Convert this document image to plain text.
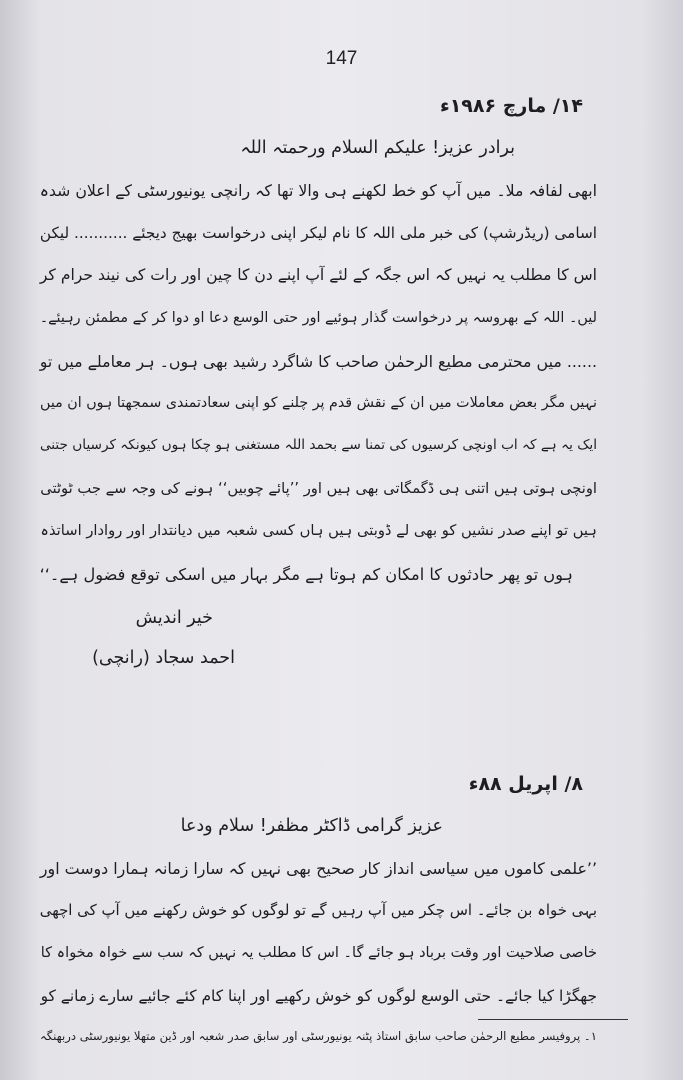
147
۱۴/ مارچ ۱۹۸۶ء
برادر عزیز! علیکم السلام ورحمتہ اللہ
ابھی لفافہ ملا۔ میں آپ کو خط لکھنے ہی والا تھا کہ رانچی یونیورسٹی کے اعلان شدہ
اسامی (ریڈرشپ) کی خبر ملی اللہ کا نام لیکر اپنی درخواست بھیج دیجئے ........... لیکن
اس کا مطلب یہ نہیں کہ اس جگہ کے لئے آپ اپنے دن کا چین اور رات کی نیند حرام کر
لیں۔ اللہ کے بھروسہ پر درخواست گذار ہوئیے اور حتی الوسع دعا او دوا کر کے مطمئن رہیئے۔
...... میں محترمی مطیع الرحمٰن صاحب کا شاگرد رشید بھی ہوں۔ ہر معاملے میں تو
نہیں مگر بعض معاملات میں ان کے نقش قدم پر چلنے کو اپنی سعادتمندی سمجھتا ہوں ان میں
ایک یہ ہے کہ اب اونچی کرسیوں کی تمنا سے بحمد اللہ مستغنی ہو چکا ہوں کیونکہ کرسیاں جتنی
اونچی ہوتی ہیں اتنی ہی ڈگمگاتی بھی ہیں اور ’’پائے چوبیں‘‘ ہونے کی وجہ سے جب ٹوٹتی
ہیں تو اپنے صدر نشیں کو بھی لے ڈوبتی ہیں ہاں کسی شعبہ میں دیانتدار اور روادار اساتذہ
ہوں تو پھر حادثوں کا امکان کم ہوتا ہے مگر بہار میں اسکی توقع فضول ہے۔‘‘
خیر اندیش
احمد سجاد (رانچی)
۸/ اپریل ۸۸ء
عزیز گرامی ڈاکٹر مظفر! سلام ودعا
’’علمی کاموں میں سیاسی انداز کار صحیح بھی نہیں کہ سارا زمانہ ہمارا دوست اور
بہی خواہ بن جائے۔ اس چکر میں آپ رہیں گے تو لوگوں کو خوش رکھنے میں آپ کی اچھی
خاصی صلاحیت اور وقت برباد ہو جائے گا۔ اس کا مطلب یہ نہیں کہ سب سے خواہ مخواہ کا
جھگڑا کیا جائے۔ حتی الوسع لوگوں کو خوش رکھیے اور اپنا کام کئے جائیے سارے زمانے کو
۱۔ پروفیسر مطیع الرحمٰن صاحب سابق استاذ پٹنہ یونیورسٹی اور سابق صدر شعبہ اور ڈین متھلا یونیورسٹی دربھنگہ
